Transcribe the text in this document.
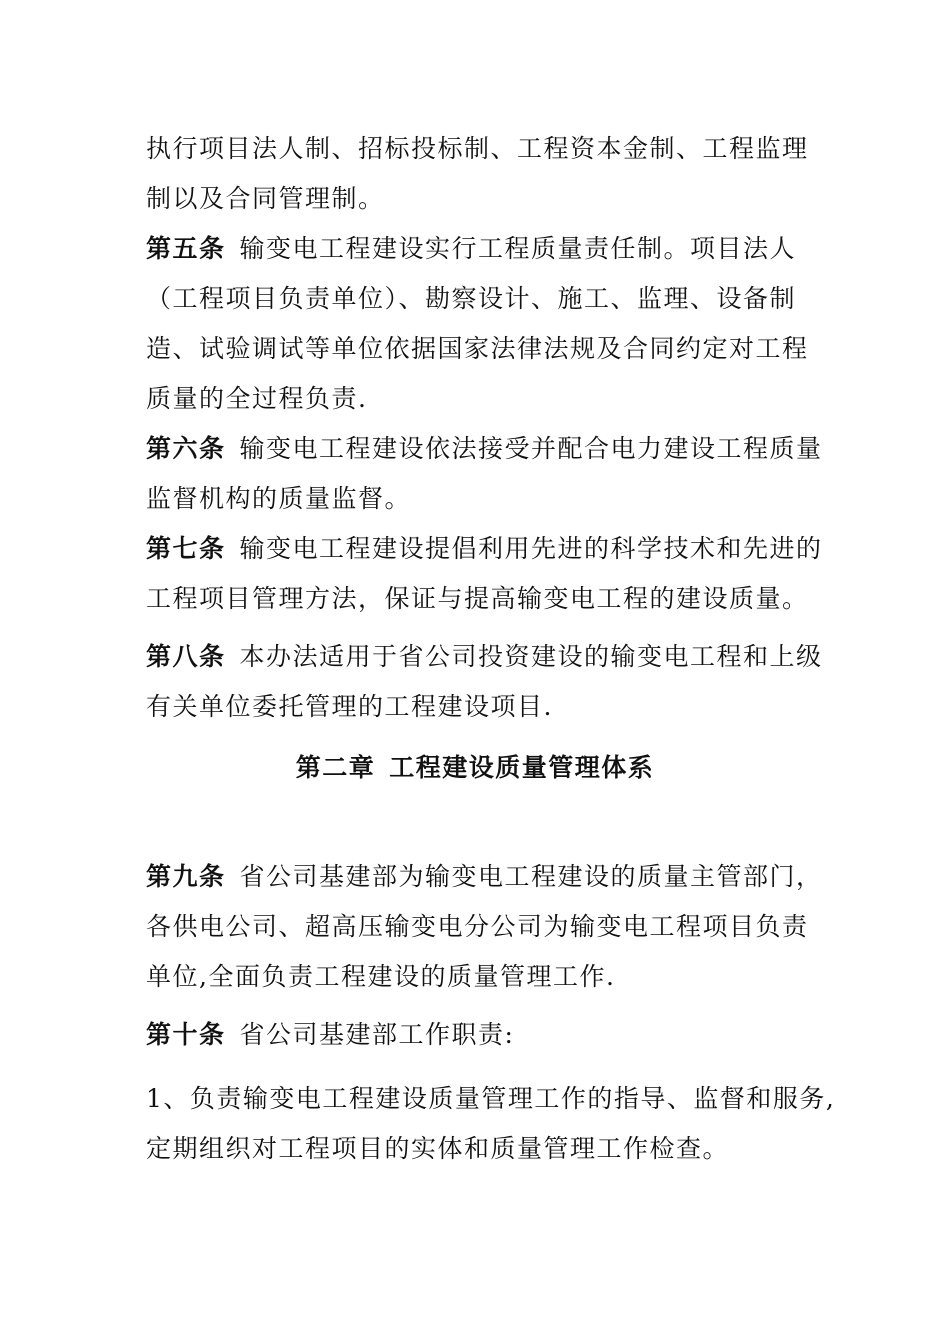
执行项目法人制、招标投标制、工程资本金制、工程监理
制以及合同管理制。

第五条 输变电工程建设实行工程质量责任制。项目法人
（工程项目负责单位）、勘察设计、施工、监理、设备制
造、试验调试等单位依据国家法律法规及合同约定对工程
质量的全过程负责.

第六条 输变电工程建设依法接受并配合电力建设工程质量
监督机构的质量监督。

第七条 输变电工程建设提倡利用先进的科学技术和先进的
工程项目管理方法，保证与提高输变电工程的建设质量。

第八条 本办法适用于省公司投资建设的输变电工程和上级
有关单位委托管理的工程建设项目.

第二章 工程建设质量管理体系

第九条 省公司基建部为输变电工程建设的质量主管部门，
各供电公司、超高压输变电分公司为输变电工程项目负责
单位,全面负责工程建设的质量管理工作.

第十条 省公司基建部工作职责:

1、负责输变电工程建设质量管理工作的指导、监督和服务,
定期组织对工程项目的实体和质量管理工作检查。
